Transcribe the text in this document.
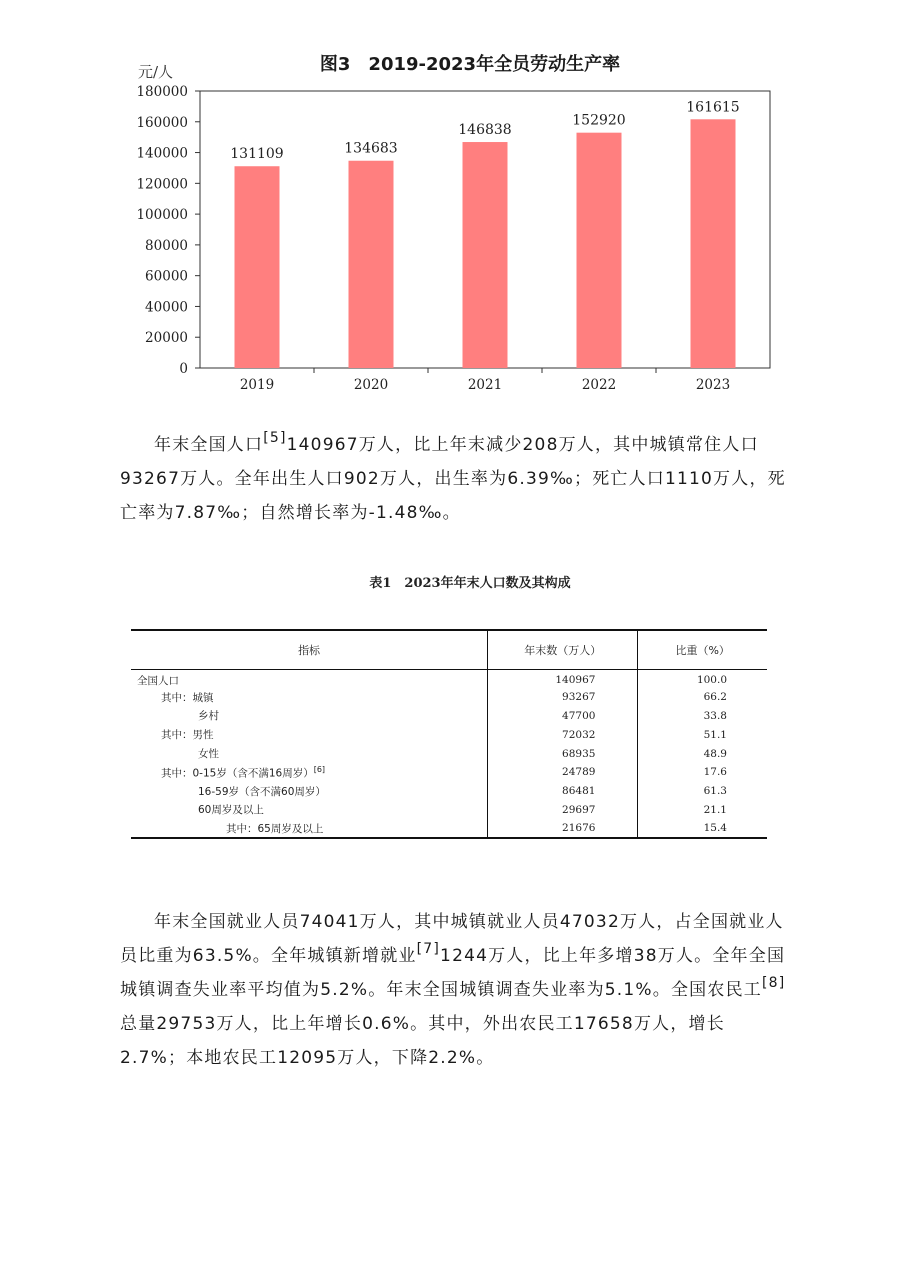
图3　2019-2023年全员劳动生产率
元/人
0
20000
40000
60000
80000
100000
120000
140000
160000
180000
131109
2019
134683
2020
146838
2021
152920
2022
161615
2023
年末全国人口[5]140967万人，比上年末减少208万人，其中城镇常住人口93267万人。全年出生人口902万人，出生率为6.39‰；死亡人口1110万人，死亡率为7.87‰；自然增长率为-1.48‰。
表1　2023年年末人口数及其构成
指标	年末数（万人）	比重（%）
全国人口	140967	100.0
其中：城镇	93267	66.2
乡村	47700	33.8
其中：男性	72032	51.1
女性	68935	48.9
其中：0-15岁（含不满16周岁）[6]	24789	17.6
16-59岁（含不满60周岁）	86481	61.3
60周岁及以上	29697	21.1
其中：65周岁及以上	21676	15.4
年末全国就业人员74041万人，其中城镇就业人员47032万人，占全国就业人员比重为63.5%。全年城镇新增就业[7]1244万人，比上年多增38万人。全年全国城镇调查失业率平均值为5.2%。年末全国城镇调查失业率为5.1%。全国农民工[8]总量29753万人，比上年增长0.6%。其中，外出农民工17658万人，增长2.7%；本地农民工12095万人，下降2.2%。
